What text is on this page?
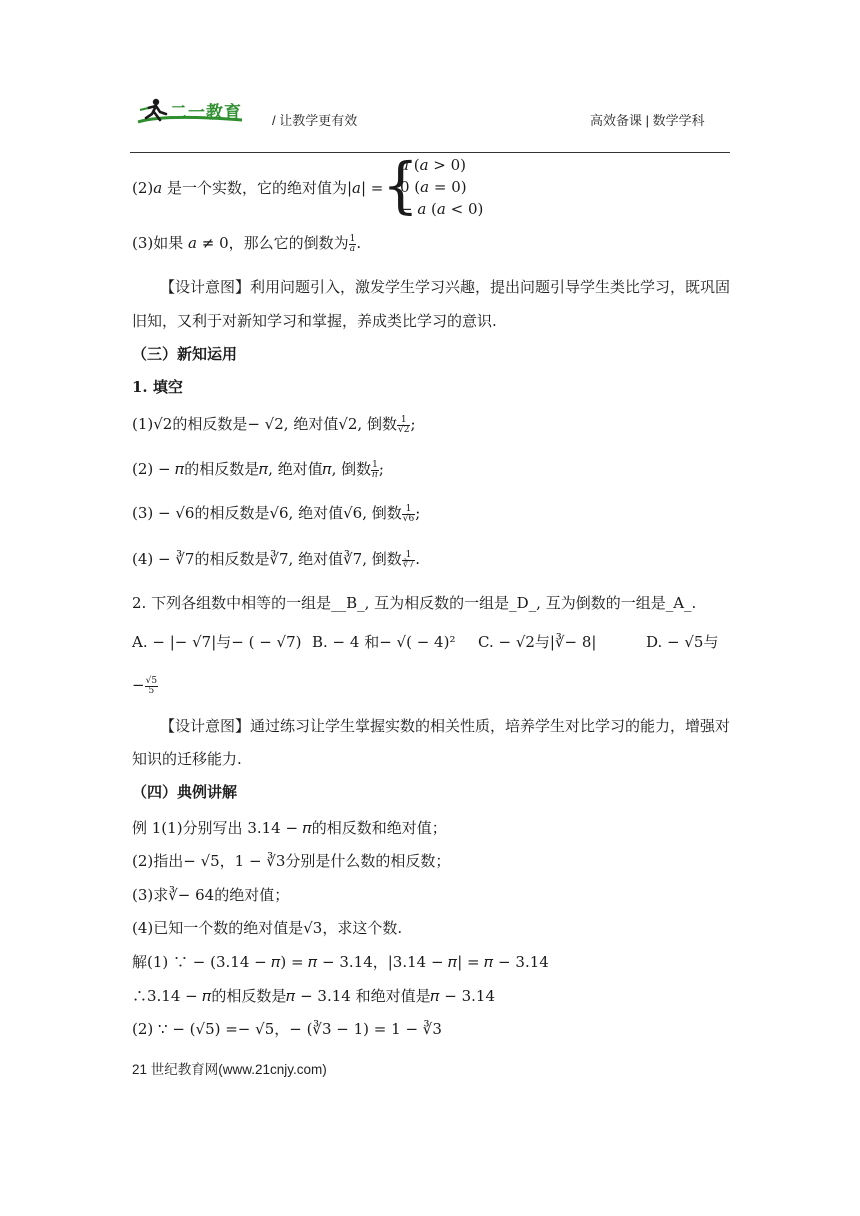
二一教育 / 让教学更有效	高效备课 | 数学学科
(2)𝑎 是一个实数，它的绝对值为|𝑎| =
{
𝑎 (𝑎 > 0)
0 (𝑎 = 0)
− 𝑎 (𝑎 < 0)
(3)如果 𝑎 ≠ 0，那么它的倒数为 $\frac{1}{\text{𝑎}}$ .
【设计意图】利用问题引入，激发学生学习兴趣，提出问题引导学生类比学习，既巩固
旧知，又利于对新知学习和掌握，养成类比学习的意识.
（三）新知运用
1. 填空
(1)√2的相反数是− √2, 绝对值√2, 倒数 $\frac{1}{√2}$ ;
(2) − 𝜋的相反数是𝜋, 绝对值𝜋, 倒数 $\frac{1}{\text{𝜋}}$ ;
(3) − √6的相反数是√6, 绝对值√6, 倒数 $\frac{1}{√6}$ ;
(4) − ∛7的相反数是∛7, 绝对值∛7, 倒数 $\frac{1}{∛7}$ .
2. 下列各组数中相等的一组是__B_, 互为相反数的一组是_D_, 互为倒数的一组是_A_.
A. − |− √7|与− ( − √7) B. − 4 和− √( − 4)² C. − √2与|∛− 8|	D. − √5与
− $\frac{√5}{5}$
【设计意图】通过练习让学生掌握实数的相关性质，培养学生对比学习的能力，增强对
知识的迁移能力.
（四）典例讲解
例 1(1)分别写出 3.14 − 𝜋的相反数和绝对值；
(2)指出− √5，1 − ∛3分别是什么数的相反数；
(3)求∛− 64的绝对值；
(4)已知一个数的绝对值是√3，求这个数.
解(1) ∵ − (3.14 − 𝜋) = 𝜋 − 3.14，|3.14 − 𝜋| = 𝜋 − 3.14
∴3.14 − 𝜋的相反数是𝜋 − 3.14 和绝对值是𝜋 − 3.14
(2) ∵ − (√5) =− √5，− (∛3 − 1) = 1 − ∛3
21 世纪教育网(www.21cnjy.com)
